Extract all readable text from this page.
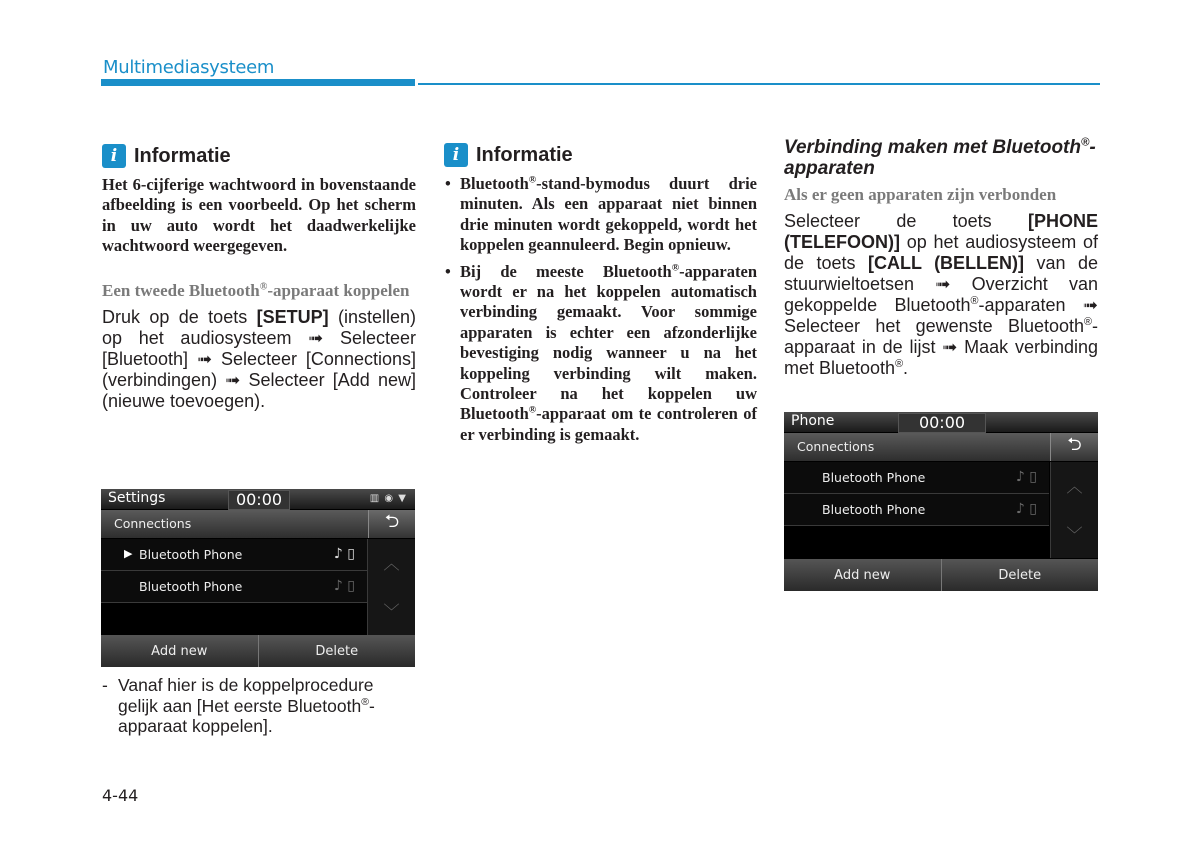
Multimediasysteem
i Informatie
Het 6-cijferige wachtwoord in bovenstaande afbeelding is een voorbeeld. Op het scherm in uw auto wordt het daadwerkelijke wachtwoord weergegeven.
Een tweede Bluetooth®-apparaat koppelen
Druk op de toets [SETUP] (instellen) op het audiosysteem ➟ Selecteer [Bluetooth] ➟ Selecteer [Connections] (verbindingen) ➟ Selecteer [Add new] (nieuwe toevoegen).
Settings	00:00	▥ ◉ ▼
Connections	⮌
▶ Bluetooth Phone	♪ ▯
Bluetooth Phone	♪ ▯
︿
﹀
Add new	Delete
- Vanaf hier is de koppelprocedure gelijk aan [Het eerste Bluetooth®-apparaat koppelen].
i Informatie
• Bluetooth®-stand-bymodus duurt drie minuten. Als een apparaat niet binnen drie minuten wordt gekoppeld, wordt het koppelen geannuleerd. Begin opnieuw.
• Bij de meeste Bluetooth®-apparaten wordt er na het koppelen automatisch verbinding gemaakt. Voor sommige apparaten is echter een afzonderlijke bevestiging nodig wanneer u na het koppeling verbinding wilt maken. Controleer na het koppelen uw Bluetooth®-apparaat om te controleren of er verbinding is gemaakt.
Verbinding maken met Bluetooth®-apparaten
Als er geen apparaten zijn verbonden
Selecteer de toets [PHONE (TELEFOON)] op het audiosysteem of de toets [CALL (BELLEN)] van de stuurwieltoetsen ➟ Overzicht van gekoppelde Bluetooth®-apparaten ➟ Selecteer het gewenste Bluetooth®-apparaat in de lijst ➟ Maak verbinding met Bluetooth®.
Phone	00:00
Connections	⮌
Bluetooth Phone	♪ ▯
Bluetooth Phone	♪ ▯
︿
﹀
Add new	Delete
4-44
